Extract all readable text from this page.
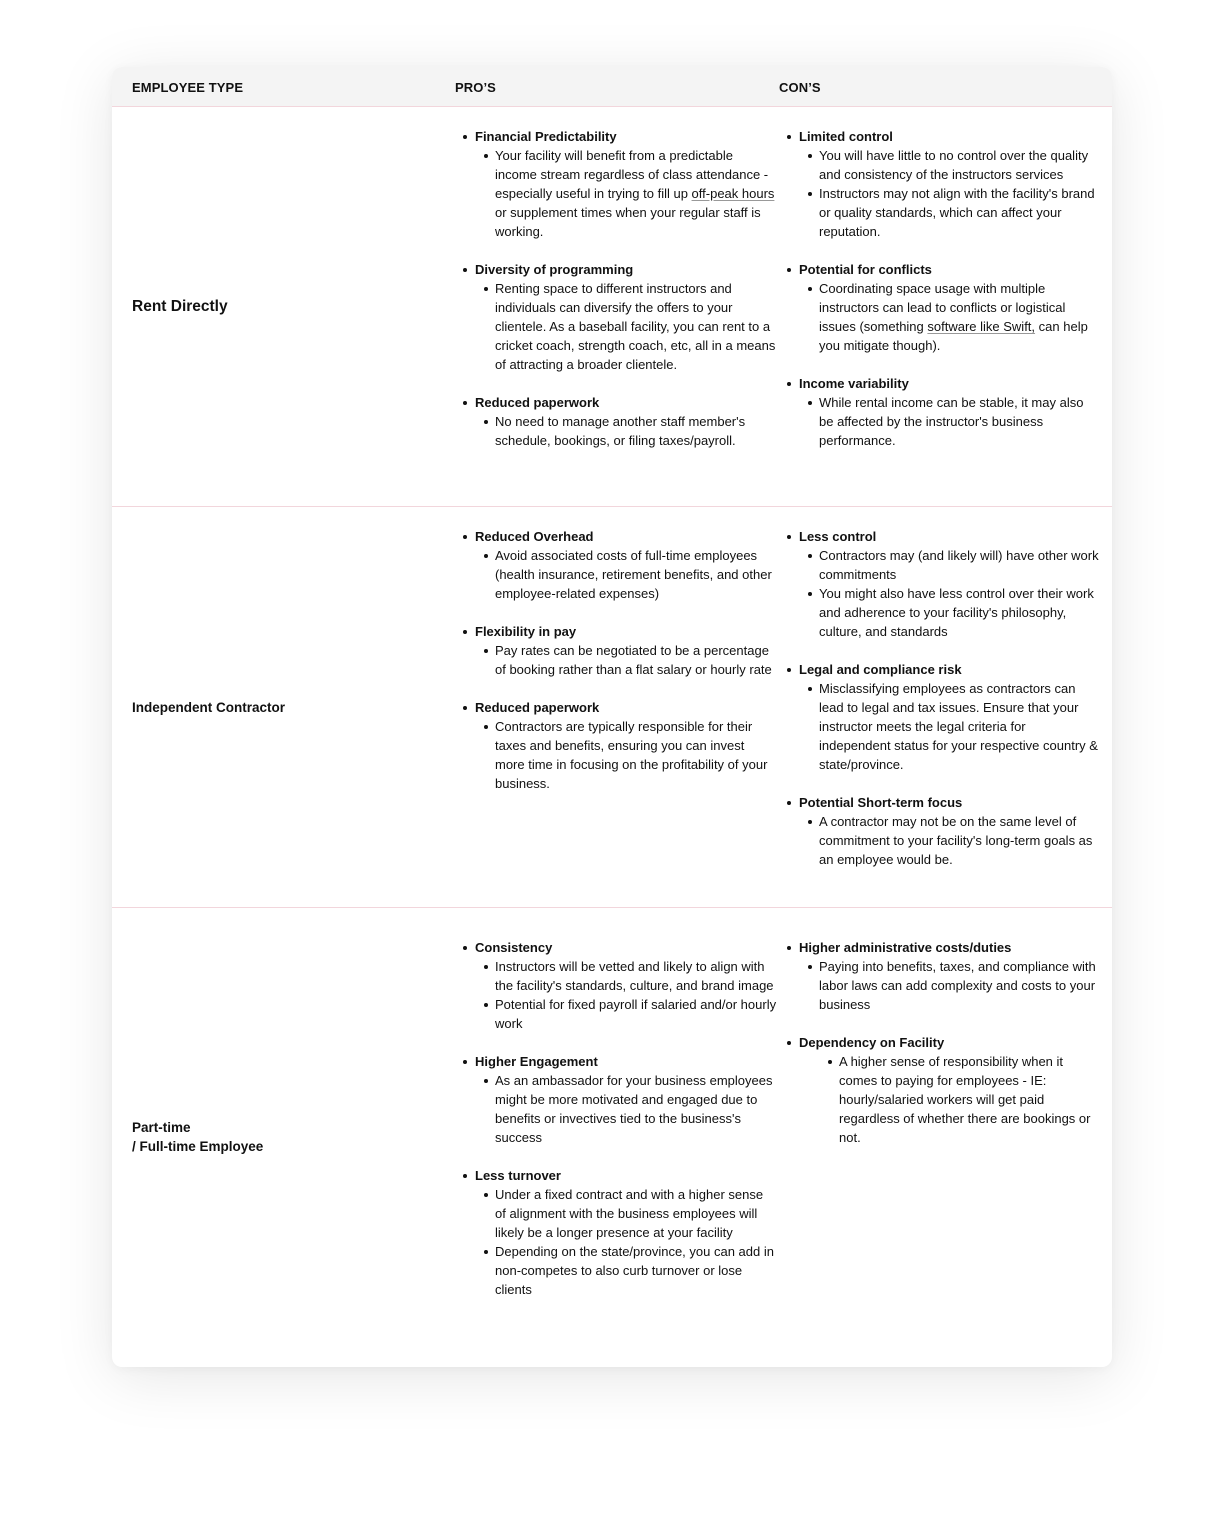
EMPLOYEE TYPE	PRO’S	CON’S
Rent Directly
Financial Predictability
Your facility will benefit from a predictable income stream regardless of class attendance - especially useful in trying to fill up off-peak hours or supplement times when your regular staff is working.
Diversity of programming
Renting space to different instructors and individuals can diversify the offers to your clientele. As a baseball facility, you can rent to a cricket coach, strength coach, etc, all in a means of attracting a broader clientele.
Reduced paperwork
No need to manage another staff member's schedule, bookings, or filing taxes/payroll.
Limited control
You will have little to no control over the quality and consistency of the instructors services
Instructors may not align with the facility's brand or quality standards, which can affect your reputation.
Potential for conflicts
Coordinating space usage with multiple instructors can lead to conflicts or logistical issues (something software like Swift, can help you mitigate though).
Income variability
While rental income can be stable, it may also be affected by the instructor's business performance.
Independent Contractor
Reduced Overhead
Avoid associated costs of full-time employees (health insurance, retirement benefits, and other employee-related expenses)
Flexibility in pay
Pay rates can be negotiated to be a percentage of booking rather than a flat salary or hourly rate
Reduced paperwork
Contractors are typically responsible for their taxes and benefits, ensuring you can invest more time in focusing on the profitability of your business.
Less control
Contractors may (and likely will) have other work commitments
You might also have less control over their work and adherence to your facility's philosophy, culture, and standards
Legal and compliance risk
Misclassifying employees as contractors can lead to legal and tax issues. Ensure that your instructor meets the legal criteria for independent status for your respective country & state/province.
Potential Short-term focus
A contractor may not be on the same level of commitment to your facility's long-term goals as an employee would be.
Part-time
/ Full-time Employee
Consistency
Instructors will be vetted and likely to align with the facility's standards, culture, and brand image
Potential for fixed payroll if salaried and/or hourly work
Higher Engagement
As an ambassador for your business employees might be more motivated and engaged due to benefits or invectives tied to the business's success
Less turnover
Under a fixed contract and with a higher sense of alignment with the business employees will likely be a longer presence at your facility
Depending on the state/province, you can add in non-competes to also curb turnover or lose clients
Higher administrative costs/duties
Paying into benefits, taxes, and compliance with labor laws can add complexity and costs to your business
Dependency on Facility
A higher sense of responsibility when it comes to paying for employees - IE: hourly/salaried workers will get paid regardless of whether there are bookings or not.
